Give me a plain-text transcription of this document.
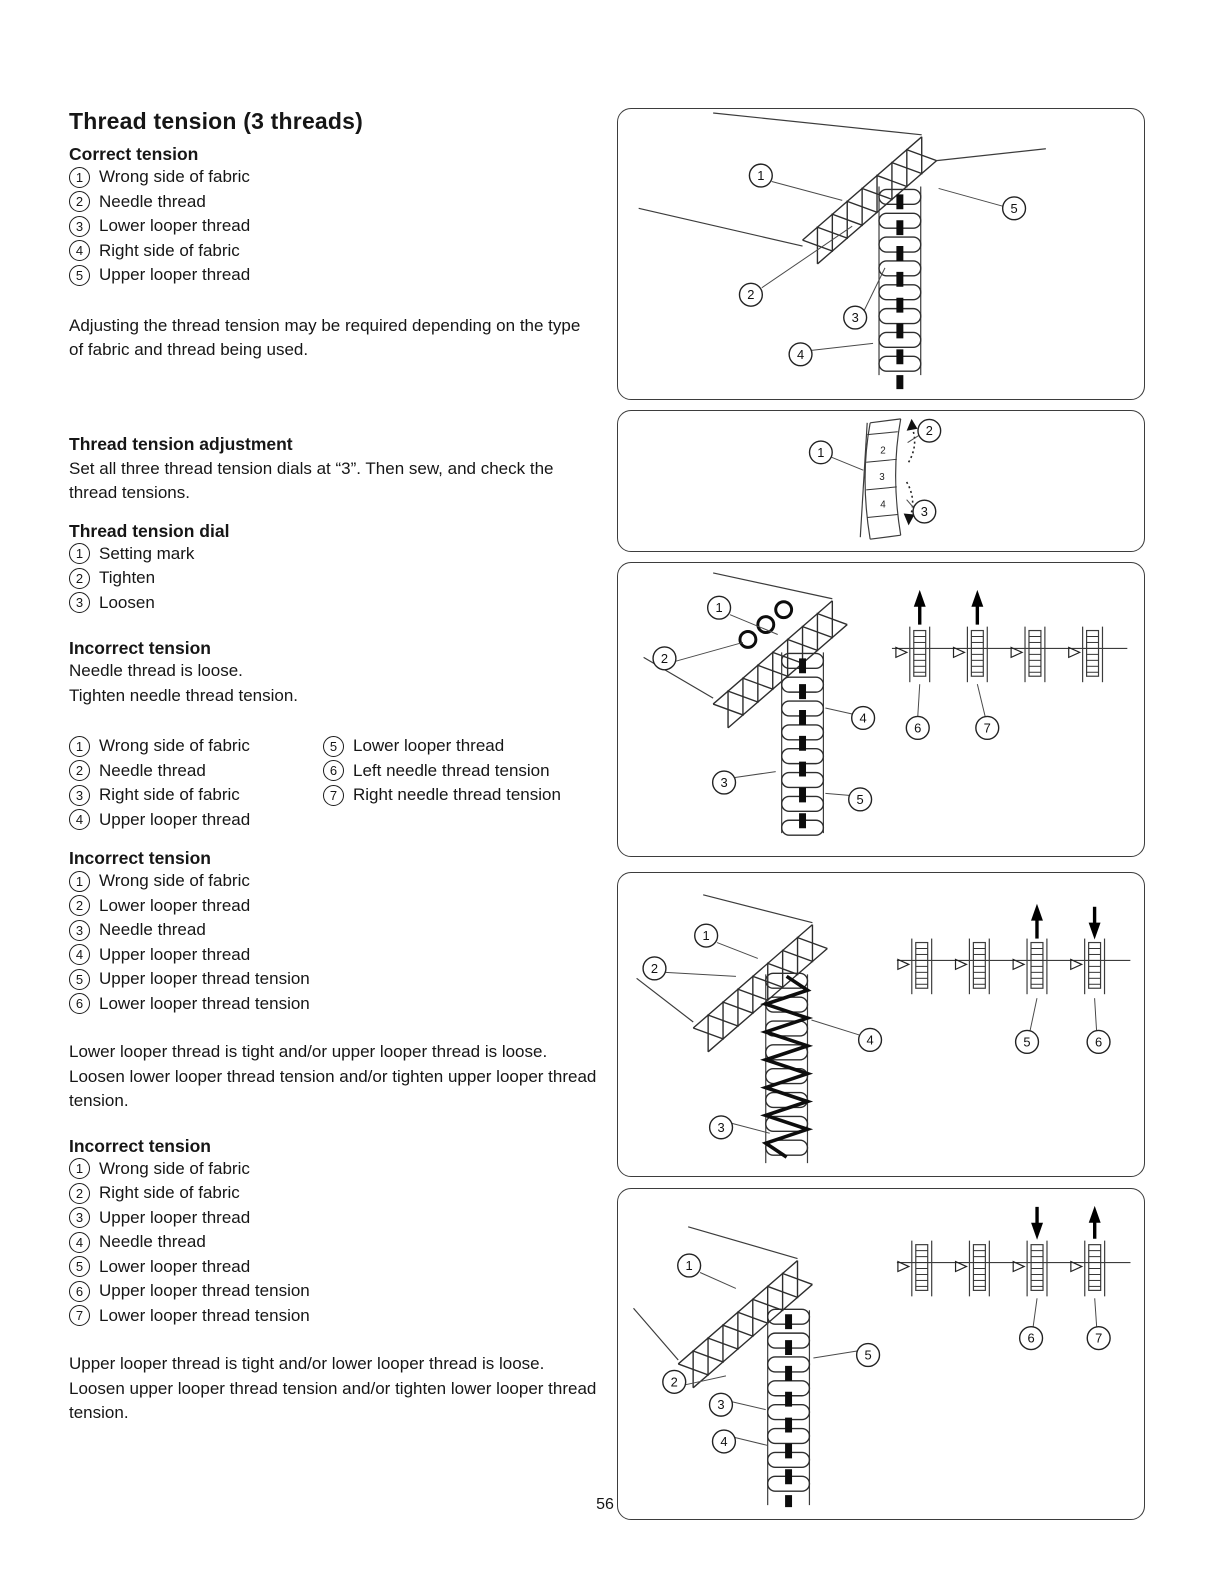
Thread tension (3 threads)
Correct tension
1 Wrong side of fabric
2 Needle thread
3 Lower looper thread
4 Right side of fabric
5 Upper looper thread

Adjusting the thread tension may be required depending on the type of fabric and thread being used.

Thread tension adjustment

Set all three thread tension dials at “3”. Then sew, and check the thread tensions.

Thread tension dial
1 Setting mark
2 Tighten
3 Loosen
Incorrect tension

Needle thread is loose.

Tighten needle thread tension.

1 Wrong side of fabric
2 Needle thread
3 Right side of fabric
4 Upper looper thread
5 Lower looper thread
6 Left needle thread tension
7 Right needle thread tension
Incorrect tension
1 Wrong side of fabric
2 Lower looper thread
3 Needle thread
4 Upper looper thread
5 Upper looper thread tension
6 Lower looper thread tension

Lower looper thread is tight and/or upper looper thread is loose.

Loosen lower looper thread tension and/or tighten upper looper thread tension.

Incorrect tension
1 Wrong side of fabric
2 Right side of fabric
3 Upper looper thread
4 Needle thread
5 Lower looper thread
6 Upper looper thread tension
7 Lower looper thread tension

Upper looper thread is tight and/or lower looper thread is loose.

Loosen upper looper thread tension and/or tighten lower looper thread tension.

1
5
2
3
4
2
3
4
1
2
3
1
2
4
6	7
3
5
1
2
4	5	6
3
1
6	7
5
2
3
4
56
